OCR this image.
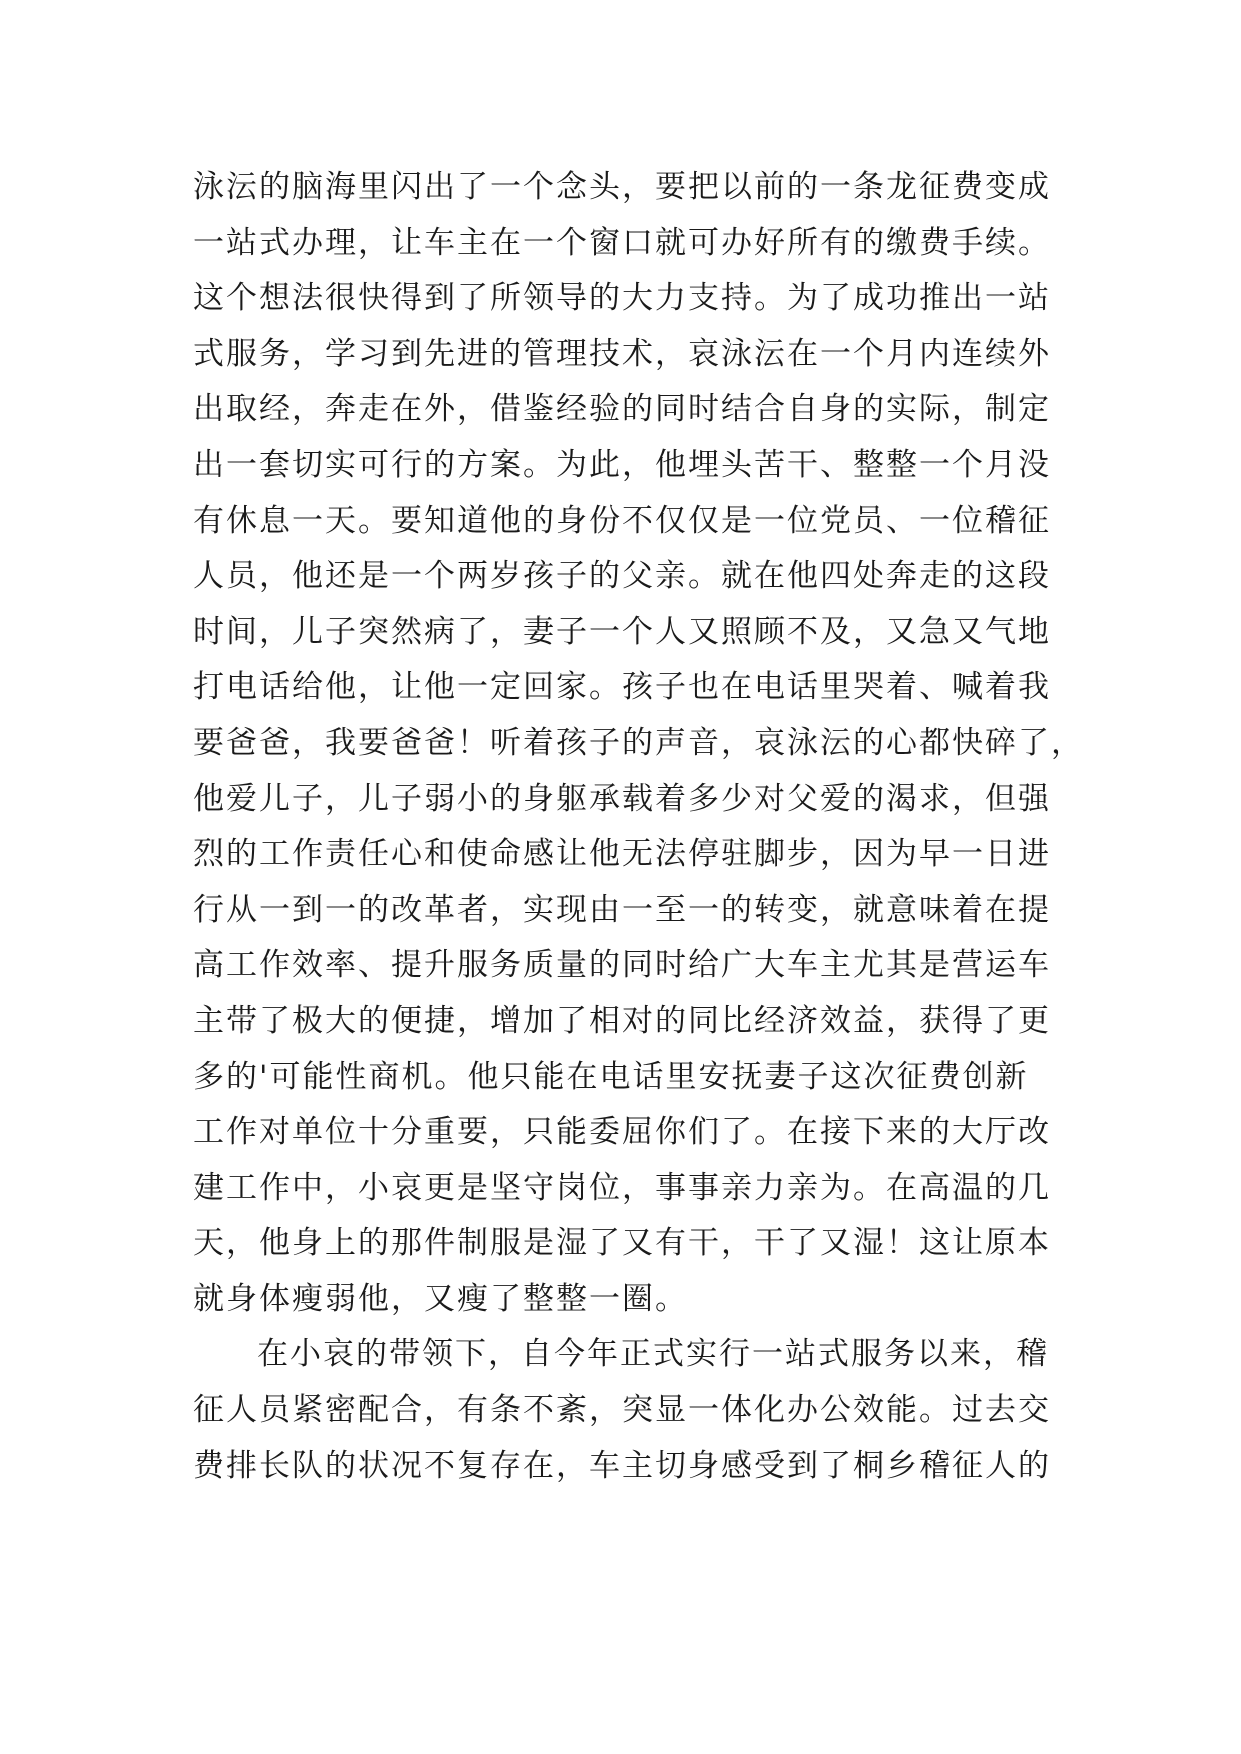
泳沄的脑海里闪出了一个念头，要把以前的一条龙征费变成
一站式办理，让车主在一个窗口就可办好所有的缴费手续。
这个想法很快得到了所领导的大力支持。为了成功推出一站
式服务，学习到先进的管理技术，哀泳沄在一个月内连续外
出取经，奔走在外，借鉴经验的同时结合自身的实际，制定
出一套切实可行的方案。为此，他埋头苦干、整整一个月没
有休息一天。要知道他的身份不仅仅是一位党员、一位稽征
人员，他还是一个两岁孩子的父亲。就在他四处奔走的这段
时间，儿子突然病了，妻子一个人又照顾不及，又急又气地
打电话给他，让他一定回家。孩子也在电话里哭着、喊着我
要爸爸，我要爸爸！听着孩子的声音，哀泳沄的心都快碎了，
他爱儿子，儿子弱小的身躯承载着多少对父爱的渴求，但强
烈的工作责任心和使命感让他无法停驻脚步，因为早一日进
行从一到一的改革者，实现由一至一的转变，就意味着在提
高工作效率、提升服务质量的同时给广大车主尤其是营运车
主带了极大的便捷，增加了相对的同比经济效益，获得了更
多的'可能性商机。他只能在电话里安抚妻子这次征费创新
工作对单位十分重要，只能委屈你们了。在接下来的大厅改
建工作中，小哀更是坚守岗位，事事亲力亲为。在高温的几
天，他身上的那件制服是湿了又有干，干了又湿！这让原本
就身体瘦弱他，又瘦了整整一圈。
在小哀的带领下，自今年正式实行一站式服务以来，稽
征人员紧密配合，有条不紊，突显一体化办公效能。过去交
费排长队的状况不复存在，车主切身感受到了桐乡稽征人的
